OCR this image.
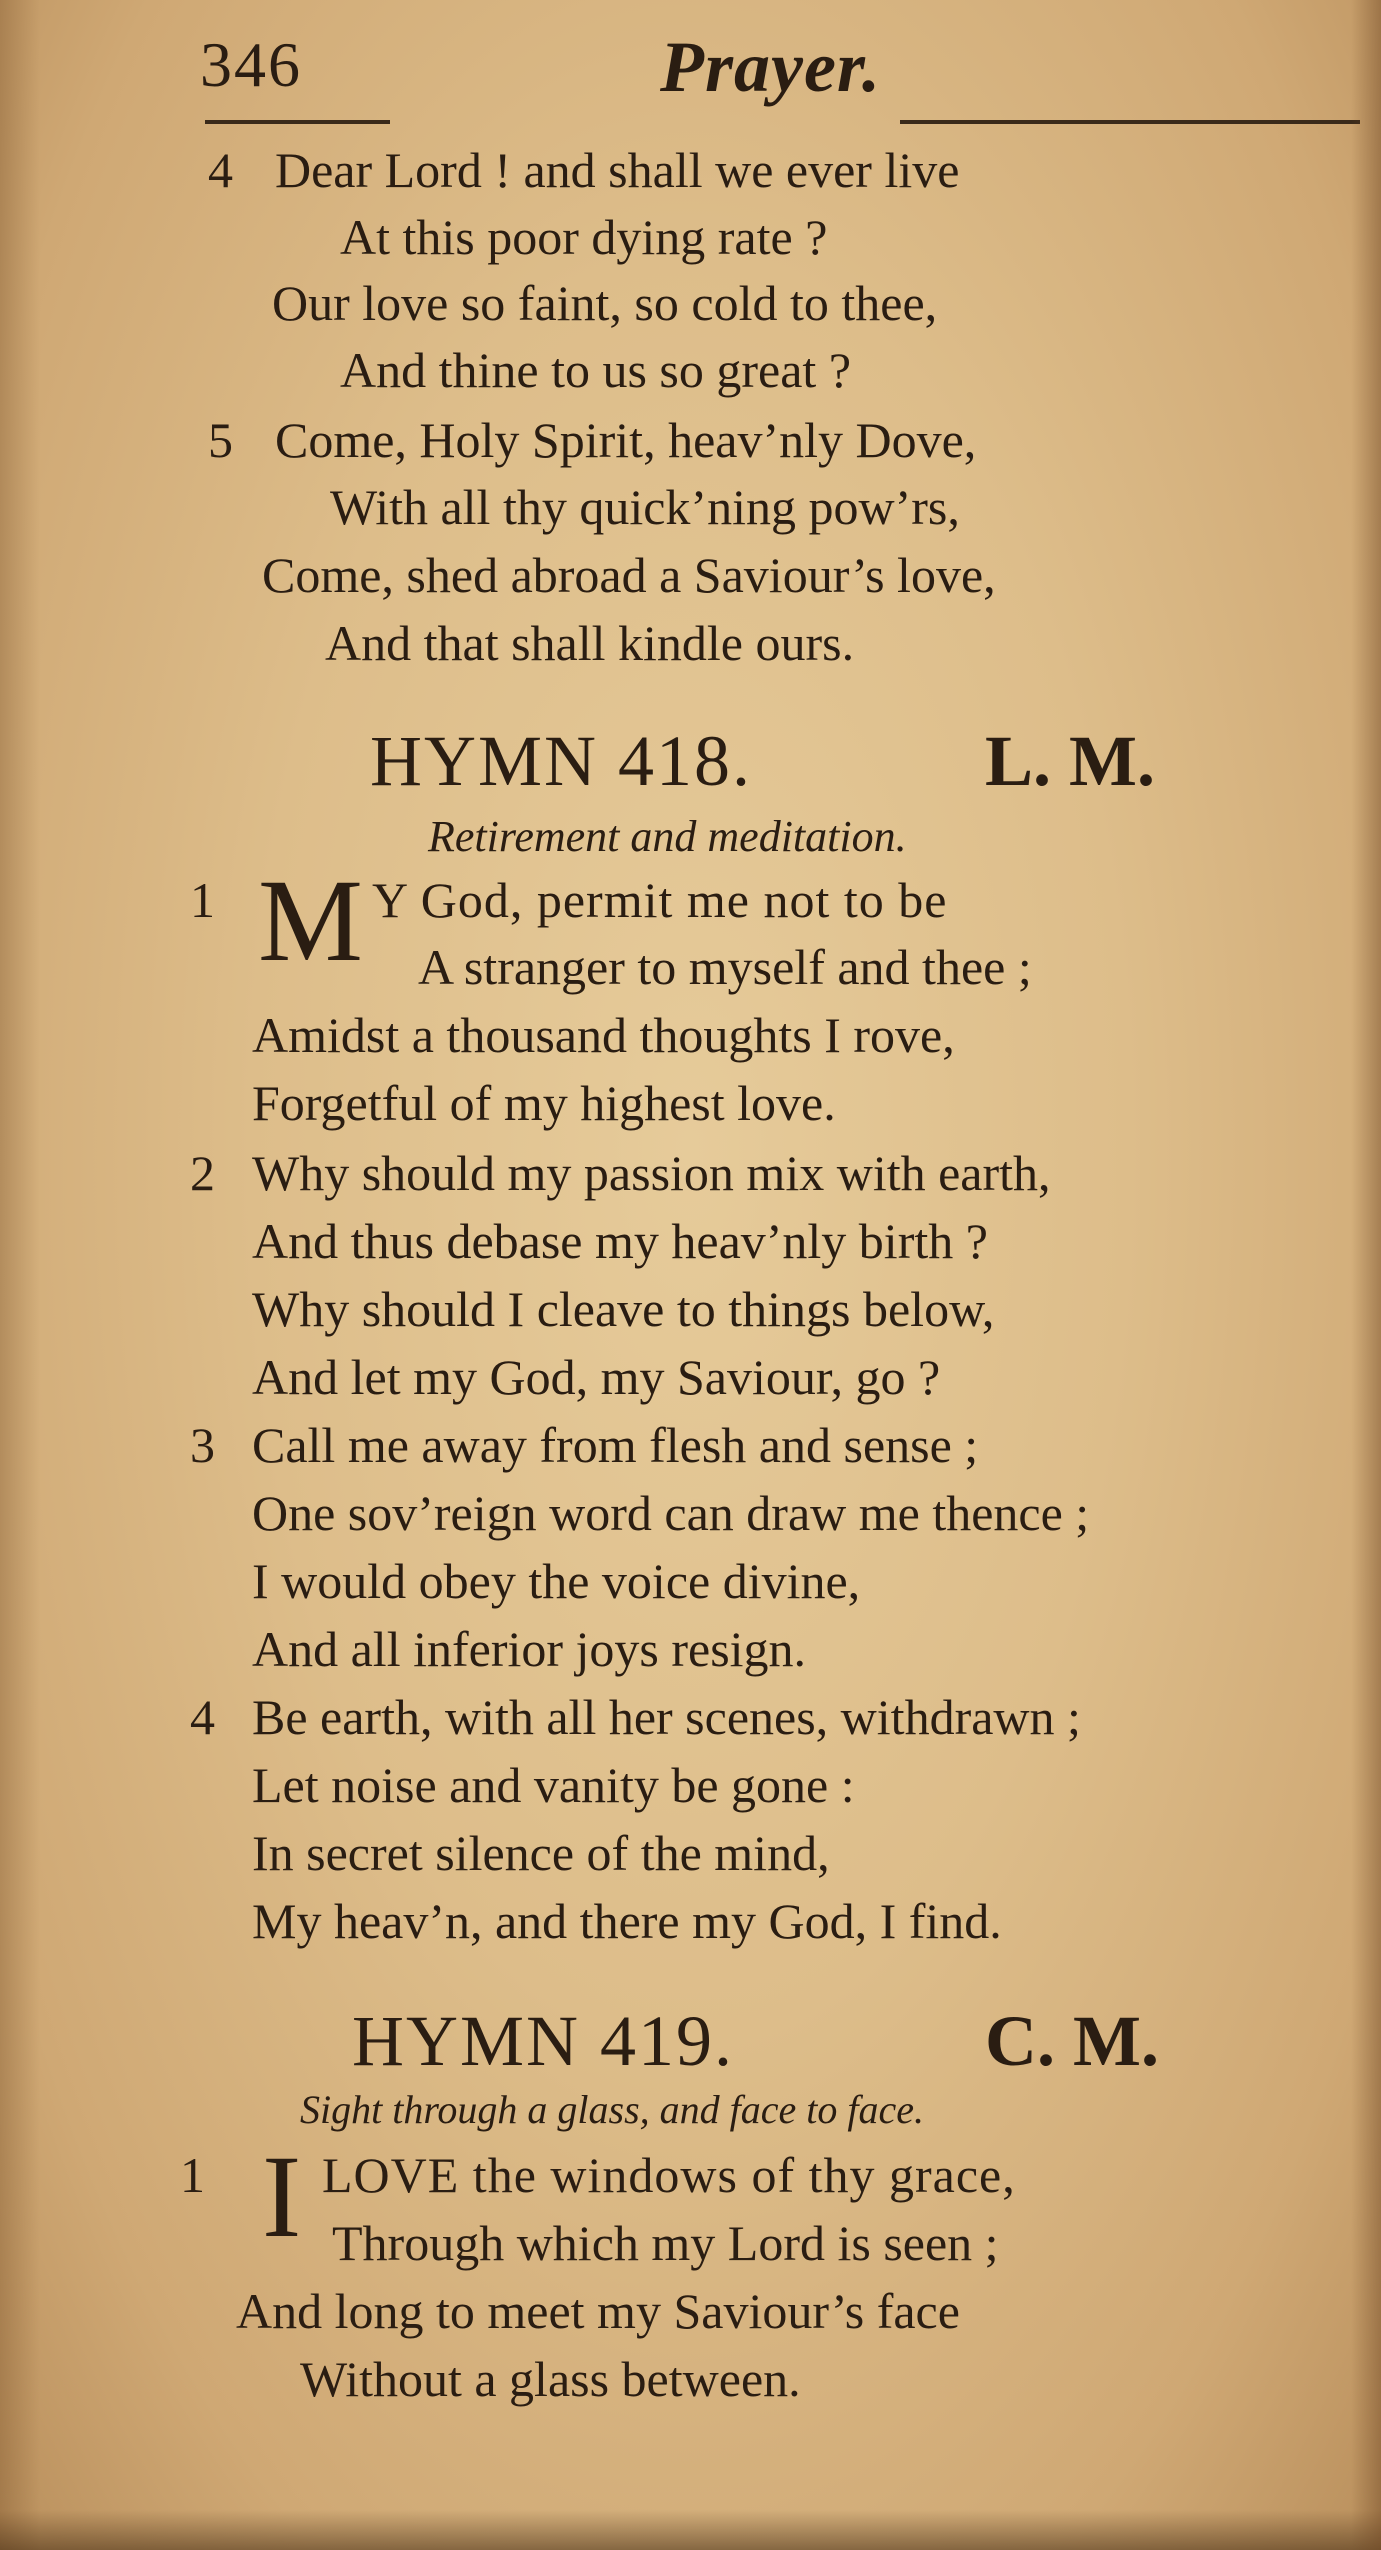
346	Prayer.
4 Dear Lord ! and shall we ever live
At this poor dying rate ?
Our love so faint, so cold to thee,
And thine to us so great ?
5 Come, Holy Spirit, heav’nly Dove,
With all thy quick’ning pow’rs,
Come, shed abroad a Saviour’s love,
And that shall kindle ours.
HYMN 418.	L. M.
Retirement and meditation.
1 M Y God, permit me not to be
A stranger to myself and thee ;
Amidst a thousand thoughts I rove,
Forgetful of my highest love.
2 Why should my passion mix with earth,
And thus debase my heav’nly birth ?
Why should I cleave to things below,
And let my God, my Saviour, go ?
3 Call me away from flesh and sense ;
One sov’reign word can draw me thence ;
I would obey the voice divine,
And all inferior joys resign.
4 Be earth, with all her scenes, withdrawn ;
Let noise and vanity be gone :
In secret silence of the mind,
My heav’n, and there my God, I find.
HYMN 419.	C. M.
Sight through a glass, and face to face.
1 I LOVE the windows of thy grace,
Through which my Lord is seen ;
And long to meet my Saviour’s face
Without a glass between.
